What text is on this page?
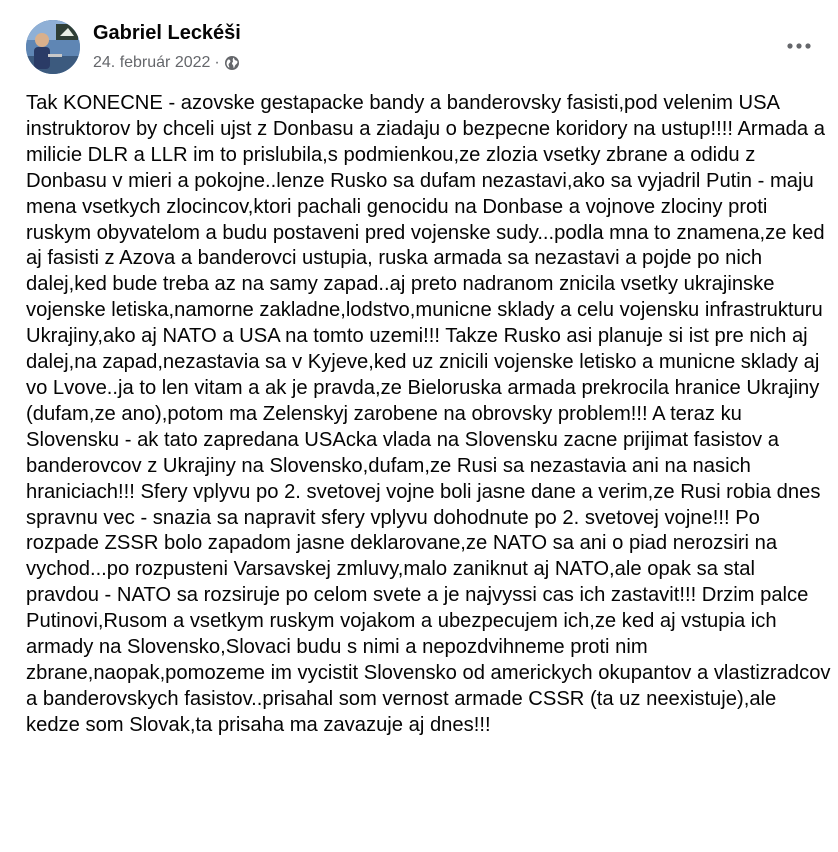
Gabriel Leckéši
24. február 2022 ·
Tak KONECNE - azovske gestapacke bandy a banderovsky fasisti,pod velenim USA instruktorov by chceli ujst z Donbasu a ziadaju o bezpecne koridory na ustup!!!! Armada a milicie DLR a LLR im to prislubila,s podmienkou,ze zlozia vsetky zbrane a odidu z Donbasu v mieri a pokojne..lenze Rusko sa dufam nezastavi,ako sa vyjadril Putin - maju mena vsetkych zlocincov,ktori pachali genocidu na Donbase a vojnove zlociny proti ruskym obyvatelom a budu postaveni pred vojenske sudy...podla mna to znamena,ze ked aj fasisti z Azova a banderovci ustupia, ruska armada sa nezastavi a pojde po nich dalej,ked bude treba az na samy zapad..aj preto nadranom znicila vsetky ukrajinske vojenske letiska,namorne zakladne,lodstvo,municne sklady a celu vojensku infrastrukturu Ukrajiny,ako aj NATO a USA na tomto uzemi!!! Takze Rusko asi planuje si ist pre nich aj dalej,na zapad,nezastavia sa v Kyjeve,ked uz znicili vojenske letisko a municne sklady aj vo Lvove..ja to len vitam a ak je pravda,ze Bieloruska armada prekrocila hranice Ukrajiny (dufam,ze ano),potom ma Zelenskyj zarobene na obrovsky problem!!! A teraz ku Slovensku - ak tato zapredana USAcka vlada na Slovensku zacne prijimat fasistov a banderovcov z Ukrajiny na Slovensko,dufam,ze Rusi sa nezastavia ani na nasich hraniciach!!! Sfery vplyvu po 2. svetovej vojne boli jasne dane a verim,ze Rusi robia dnes spravnu vec - snazia sa napravit sfery vplyvu dohodnute po 2. svetovej vojne!!! Po rozpade ZSSR bolo zapadom jasne deklarovane,ze NATO sa ani o piad nerozsiri na vychod...po rozpusteni Varsavskej zmluvy,malo zaniknut aj NATO,ale opak sa stal pravdou - NATO sa rozsiruje po celom svete a je najvyssi cas ich zastavit!!! Drzim palce Putinovi,Rusom a vsetkym ruskym vojakom a ubezpecujem ich,ze ked aj vstupia ich armady na Slovensko,Slovaci budu s nimi a nepozdvihneme proti nim zbrane,naopak,pomozeme im vycistit Slovensko od americkych okupantov a vlastizradcov a banderovskych fasistov..prisahal som vernost armade CSSR (ta uz neexistuje),ale kedze som Slovak,ta prisaha ma zavazuje aj dnes!!!
